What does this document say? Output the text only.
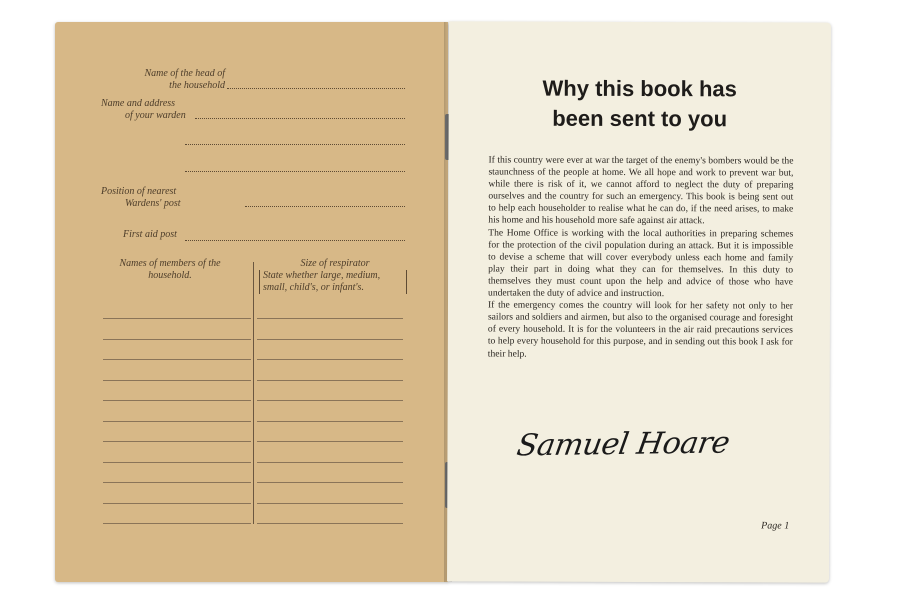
Name of the head of
the household
Name and address
of your warden
Position of nearest
Wardens' post
First aid post
Names of members of the
household.
Size of respirator
State whether large, medium,
small, child's, or infant's.
Why this book has
been sent to you

If this country were ever at war the target of the enemy's bombers would be the staunchness of the people at home. We all hope and work to prevent war but, while there is risk of it, we cannot afford to neglect the duty of preparing ourselves and the country for such an emergency. This book is being sent out to help each householder to realise what he can do, if the need arises, to make his home and his household more safe against air attack.

The Home Office is working with the local authorities in preparing schemes for the protection of the civil population during an attack. But it is impossible to devise a scheme that will cover everybody unless each home and family play their part in doing what they can for themselves. In this duty to themselves they must count upon the help and advice of those who have undertaken the duty of advice and instruction.

If the emergency comes the country will look for her safety not only to her sailors and soldiers and airmen, but also to the organised courage and foresight of every household. It is for the volunteers in the air raid precautions services to help every household for this purpose, and in sending out this book I ask for their help.

Samuel Hoare
Page 1
